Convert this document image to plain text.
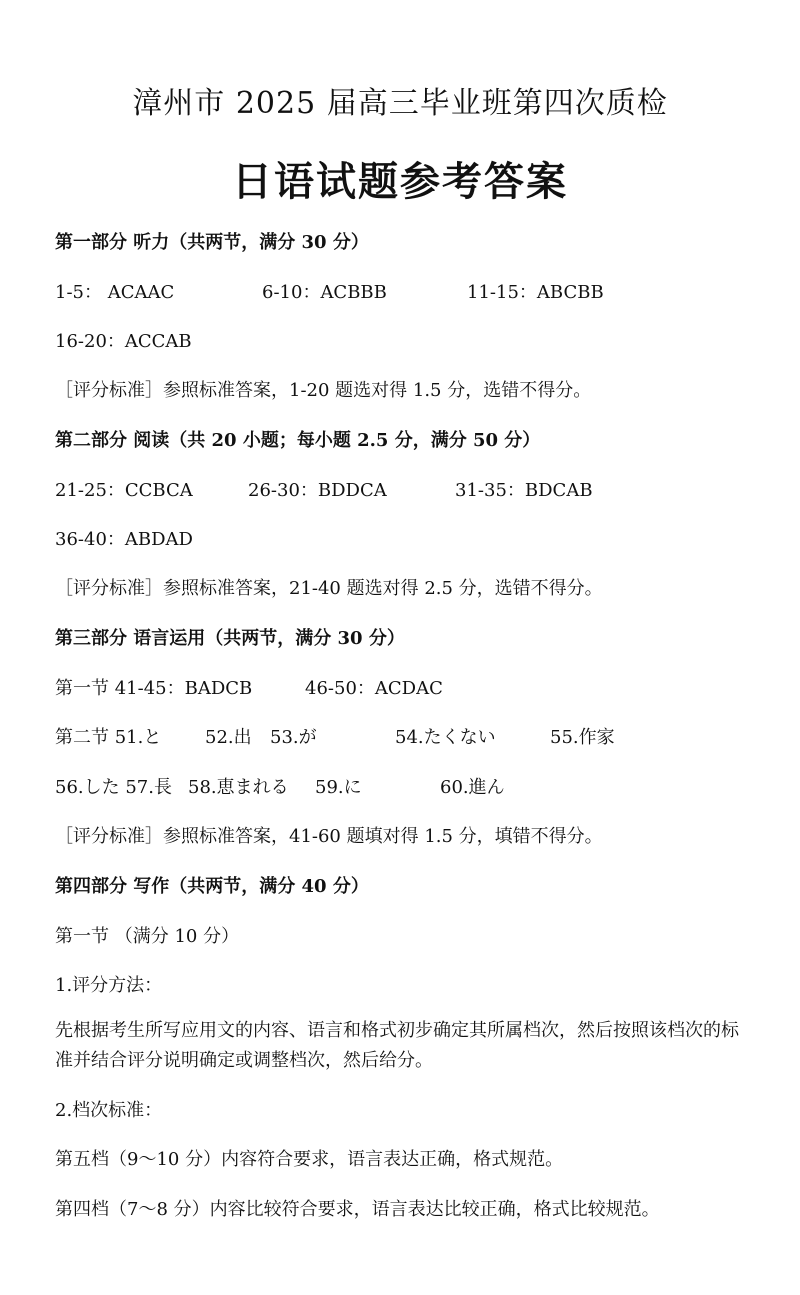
漳州市 2025 届高三毕业班第四次质检
日语试题参考答案
第一部分 听力（共两节，满分 30 分）
1-5： ACAAC	6-10：ACBBB	11-15：ABCBB
16-20：ACCAB
［评分标准］参照标准答案，1-20 题选对得 1.5 分，选错不得分。
第二部分 阅读（共 20 小题；每小题 2.5 分，满分 50 分）
21-25：CCBCA	26-30：BDDCA	31-35：BDCAB
36-40：ABDAD
［评分标准］参照标准答案，21-40 题选对得 2.5 分，选错不得分。
第三部分 语言运用（共两节，满分 30 分）
第一节 41-45：BADCB	46-50：ACDAC
第二节 51.と 52.出 53.が	54.たくない	55.作家
56.した 57.長 58.恵まれる 59.に	60.進ん
［评分标准］参照标准答案，41-60 题填对得 1.5 分，填错不得分。
第四部分 写作（共两节，满分 40 分）
第一节 （满分 10 分）
1.评分方法：
先根据考生所写应用文的内容、语言和格式初步确定其所属档次，然后按照该档次的标准并结合评分说明确定或调整档次，然后给分。
2.档次标准：
第五档（9～10 分）内容符合要求，语言表达正确，格式规范。
第四档（7～8 分）内容比较符合要求，语言表达比较正确，格式比较规范。
